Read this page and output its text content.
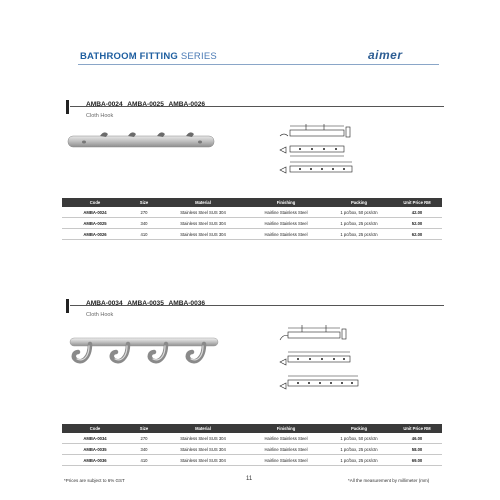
BATHROOM FITTING SERIES	aimer
AMBA-0024 AMBA-0025 AMBA-0026
Cloth Hook
Code	Size	Material	Finishing	Packing	Unit Price RM
AMBA-0024	270	Stainless Steel SUS 304	Hairline Stainless Steel	1 pc/box, 50 pcs/ctn	42.00
AMBA-0025	340	Stainless Steel SUS 304	Hairline Stainless Steel	1 pc/box, 25 pcs/ctn	52.00
AMBA-0026	410	Stainless Steel SUS 304	Hairline Stainless Steel	1 pc/box, 25 pcs/ctn	62.00
AMBA-0034 AMBA-0035 AMBA-0036
Cloth Hook
Code	Size	Material	Finishing	Packing	Unit Price RM
AMBA-0034	270	Stainless Steel SUS 304	Hairline Stainless Steel	1 pc/box, 50 pcs/ctn	46.00
AMBA-0035	340	Stainless Steel SUS 304	Hairline Stainless Steel	1 pc/box, 25 pcs/ctn	58.00
AMBA-0036	410	Stainless Steel SUS 304	Hairline Stainless Steel	1 pc/box, 25 pcs/ctn	69.00
*Prices are subject to 6% GST	11	*All the measurement by millimeter (mm)
